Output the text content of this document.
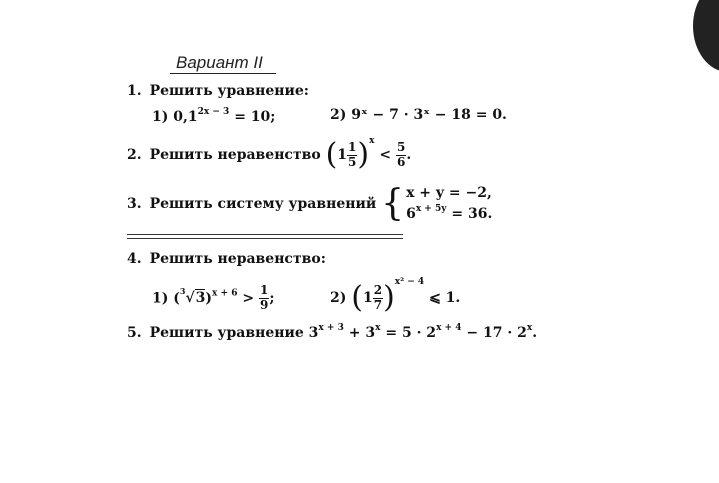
Вариант II
1. Решить уравнение:
1) $0,1^{2x - 3} = 10$;	2) 9ˣ − 7 · 3ˣ − 18 = 0.
2. Решить неравенство $(1 \frac{1}{5} )^x < \frac{5}{6}$ .
3. Решить систему уравнений { x + y = −2,
$6^{x + 5y} = 36$.
4. Решить неравенство:
1) $(^3√3)^{x + 6} > \frac{1}{9}$ ;	2) $(1 \frac{2}{7} )^{x^2 - 4}$ ⩽ 1.
5. Решить уравнение $3^{x + 3} + 3^x = 5 \cdot 2^{x + 4} - 17 \cdot 2^x$.
